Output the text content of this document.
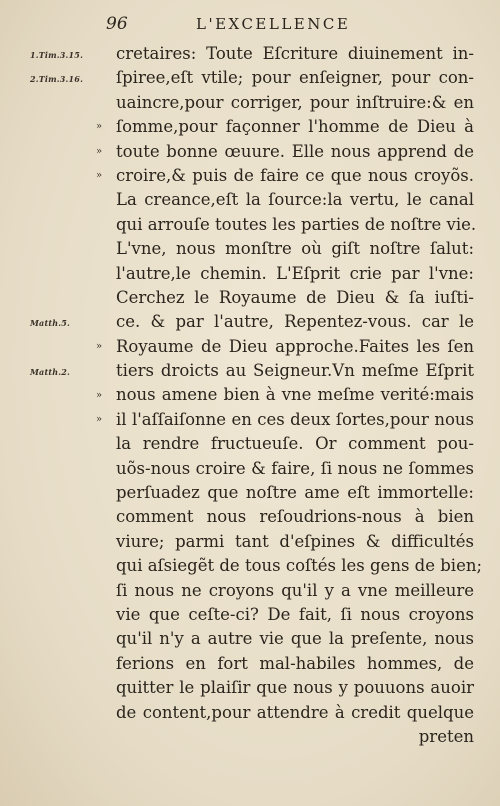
96	L'EXCELLENCE
cretaires: Toute Eſcriture diuinement in-
ſpiree,eſt vtile; pour enſeigner, pour con-
uaincre,pour corriger, pour inſtruire:& en
ſomme,pour façonner l'homme de Dieu à
toute bonne œuure. Elle nous apprend de
croire,& puis de faire ce que nous croyõs.
La creance,eſt la ſource:la vertu, le canal
qui arrouſe toutes les parties de noſtre vie.
L'vne, nous monſtre où giſt noſtre ſalut:
l'autre,le chemin. L'Eſprit crie par l'vne:
Cerchez le Royaume de Dieu & ſa iuſti-
ce. & par l'autre, Repentez-vous. car le
Royaume de Dieu approche.Faites les ſen
tiers droicts au Seigneur.Vn meſme Eſprit
nous amene bien à vne meſme verité:mais
il l'aſſaiſonne en ces deux ſortes,pour nous
la rendre fructueuſe. Or comment pou-
uõs-nous croire & faire, ſi nous ne ſommes
perſuadez que noſtre ame eſt immortelle:
comment nous reſoudrions-nous à bien
viure; parmi tant d'eſpines & difficultés
qui aſsiegẽt de tous coſtés les gens de bien;
ſi nous ne croyons qu'il y a vne meilleure
vie que ceſte-ci? De fait, ſi nous croyons
qu'il n'y a autre vie que la preſente, nous
ferions en fort mal-habiles hommes, de
quitter le plaiſir que nous y pouuons auoir
de content,pour attendre à credit quelque
preten
1.Tim.3.15.
2.Tim.3.16.
Matth.5.
Matth.2.
»
»
»
»
»
»
